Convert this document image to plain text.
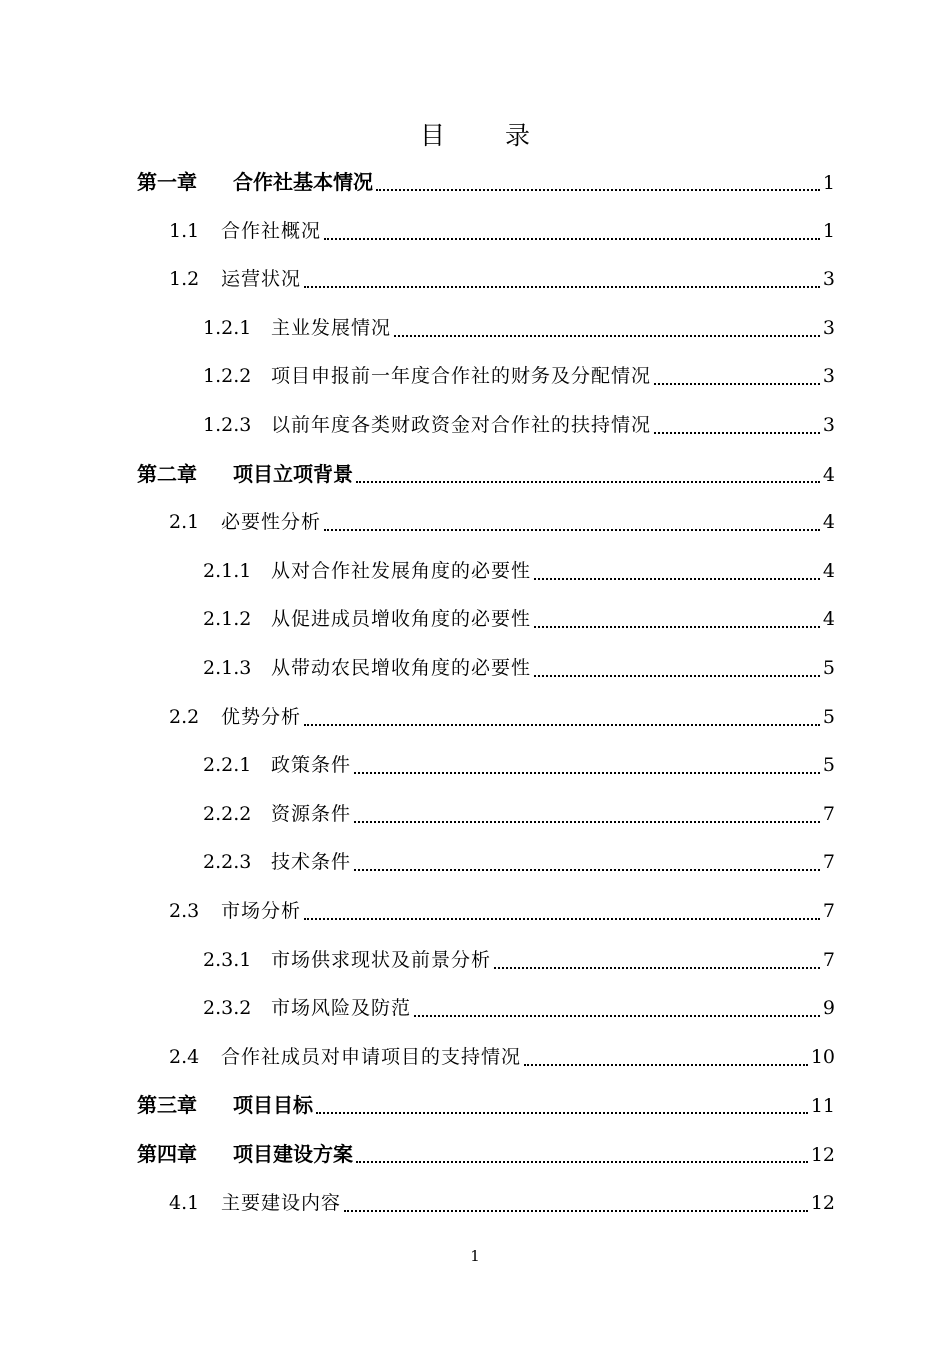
目 录
第一章	合作社基本情况	1
1.1	合作社概况	1
1.2	运营状况	3
1.2.1	主业发展情况	3
1.2.2	项目申报前一年度合作社的财务及分配情况	3
1.2.3	以前年度各类财政资金对合作社的扶持情况	3
第二章	项目立项背景	4
2.1	必要性分析	4
2.1.1	从对合作社发展角度的必要性	4
2.1.2	从促进成员增收角度的必要性	4
2.1.3	从带动农民增收角度的必要性	5
2.2	优势分析	5
2.2.1	政策条件	5
2.2.2	资源条件	7
2.2.3	技术条件	7
2.3	市场分析	7
2.3.1	市场供求现状及前景分析	7
2.3.2	市场风险及防范	9
2.4	合作社成员对申请项目的支持情况	10
第三章	项目目标	11
第四章	项目建设方案	12
4.1	主要建设内容	12
1
